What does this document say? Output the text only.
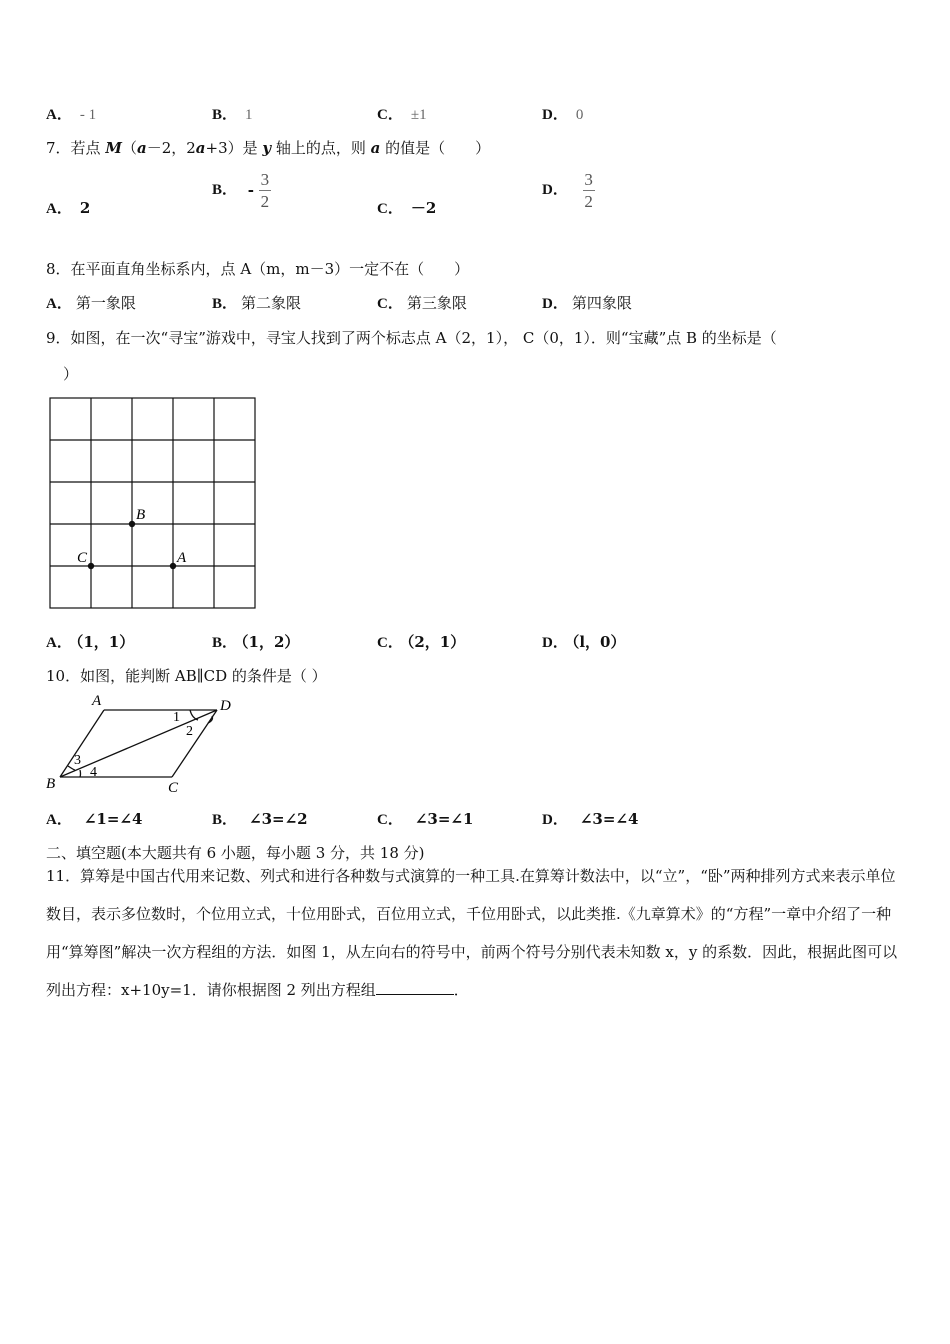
A． - 1	B． 1	C． ±1	D． 0
7．若点 M（a－2，2a+3）是 y 轴上的点，则 a 的值是（　　）
A． 2
B． - $\frac{3}{2}$	C． －2
D． $\frac{3}{2}$
8．在平面直角坐标系内，点 A（m，m－3）一定不在（　　）
A． 第一象限	B． 第二象限	C． 第三象限	D． 第四象限
9．如图，在一次“寻宝”游戏中，寻宝人找到了两个标志点 A（2，1）， C（0，1）．则“宝藏”点 B 的坐标是（
）
B
C	A
A． （1，1）	B． （1，2）	C． （2，1）	D． （l，0）
10．如图，能判断 AB∥CD 的条件是（ ）
A	D
B	C
1
2
3
4
A． ∠1=∠4	B． ∠3=∠2	C． ∠3=∠1	D． ∠3=∠4
二、填空题(本大题共有 6 小题，每小题 3 分，共 18 分)
11．算筹是中国古代用来记数、列式和进行各种数与式演算的一种工具.在算筹计数法中，以“立”，“卧”两种排列方式来表示单位数目，表示多位数时，个位用立式，十位用卧式，百位用立式，千位用卧式，以此类推.《九章算术》的“方程”一章中介绍了一种用“算筹图”解决一次方程组的方法．如图 1，从左向右的符号中，前两个符号分别代表未知数 x，y 的系数．因此，根据此图可以列出方程：x+10y=1．请你根据图 2 列出方程组	．
